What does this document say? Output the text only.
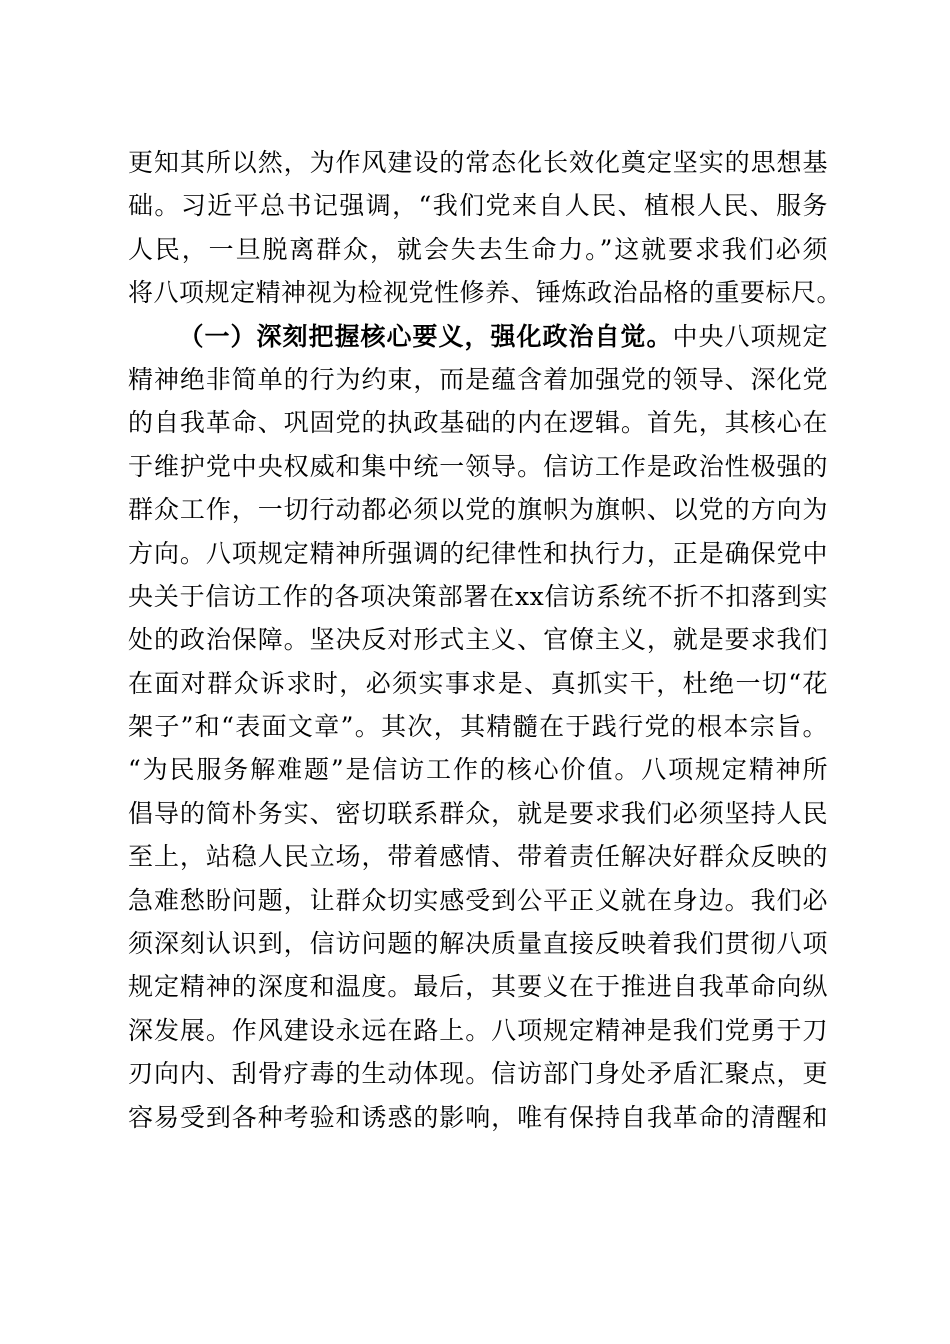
更知其所以然，为作风建设的常态化长效化奠定坚实的思想基
础。习近平总书记强调，“我们党来自人民、植根人民、服务
人民，一旦脱离群众，就会失去生命力。”这就要求我们必须
将八项规定精神视为检视党性修养、锤炼政治品格的重要标尺。
（一）深刻把握核心要义，强化政治自觉。中央八项规定
精神绝非简单的行为约束，而是蕴含着加强党的领导、深化党
的自我革命、巩固党的执政基础的内在逻辑。首先，其核心在
于维护党中央权威和集中统一领导。信访工作是政治性极强的
群众工作，一切行动都必须以党的旗帜为旗帜、以党的方向为
方向。八项规定精神所强调的纪律性和执行力，正是确保党中
央关于信访工作的各项决策部署在xx信访系统不折不扣落到实
处的政治保障。坚决反对形式主义、官僚主义，就是要求我们
在面对群众诉求时，必须实事求是、真抓实干，杜绝一切“花
架子”和“表面文章”。其次，其精髓在于践行党的根本宗旨。
“为民服务解难题”是信访工作的核心价值。八项规定精神所
倡导的简朴务实、密切联系群众，就是要求我们必须坚持人民
至上，站稳人民立场，带着感情、带着责任解决好群众反映的
急难愁盼问题，让群众切实感受到公平正义就在身边。我们必
须深刻认识到，信访问题的解决质量直接反映着我们贯彻八项
规定精神的深度和温度。最后，其要义在于推进自我革命向纵
深发展。作风建设永远在路上。八项规定精神是我们党勇于刀
刃向内、刮骨疗毒的生动体现。信访部门身处矛盾汇聚点，更
容易受到各种考验和诱惑的影响，唯有保持自我革命的清醒和
